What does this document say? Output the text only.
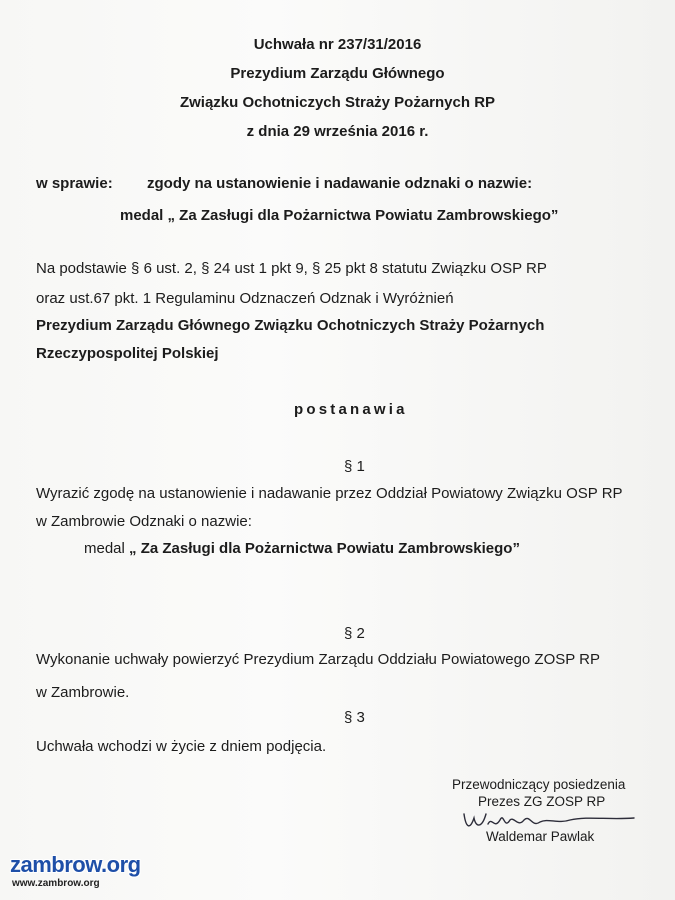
Uchwała nr 237/31/2016
Prezydium Zarządu Głównego
Związku Ochotniczych Straży Pożarnych RP
z dnia 29 września 2016 r.
w sprawie: zgody na ustanowienie i nadawanie odznaki o nazwie:
medal „ Za Zasługi dla Pożarnictwa Powiatu Zambrowskiego”
Na podstawie § 6 ust. 2, § 24 ust 1 pkt 9, § 25 pkt 8 statutu Związku OSP RP
oraz ust.67 pkt. 1 Regulaminu Odznaczeń Odznak i Wyróżnień
Prezydium Zarządu Głównego Związku Ochotniczych Straży Pożarnych
Rzeczypospolitej Polskiej
postanawia
§ 1
Wyrazić zgodę na ustanowienie i nadawanie przez Oddział Powiatowy Związku OSP RP
w Zambrowie Odznaki o nazwie:
medal „ Za Zasługi dla Pożarnictwa Powiatu Zambrowskiego”
§ 2
Wykonanie uchwały powierzyć Prezydium Zarządu Oddziału Powiatowego ZOSP RP
w Zambrowie.
§ 3
Uchwała wchodzi w życie z dniem podjęcia.
Przewodniczący posiedzenia
Prezes ZG ZOSP RP
Waldemar Pawlak
zambrow.org
www.zambrow.org
